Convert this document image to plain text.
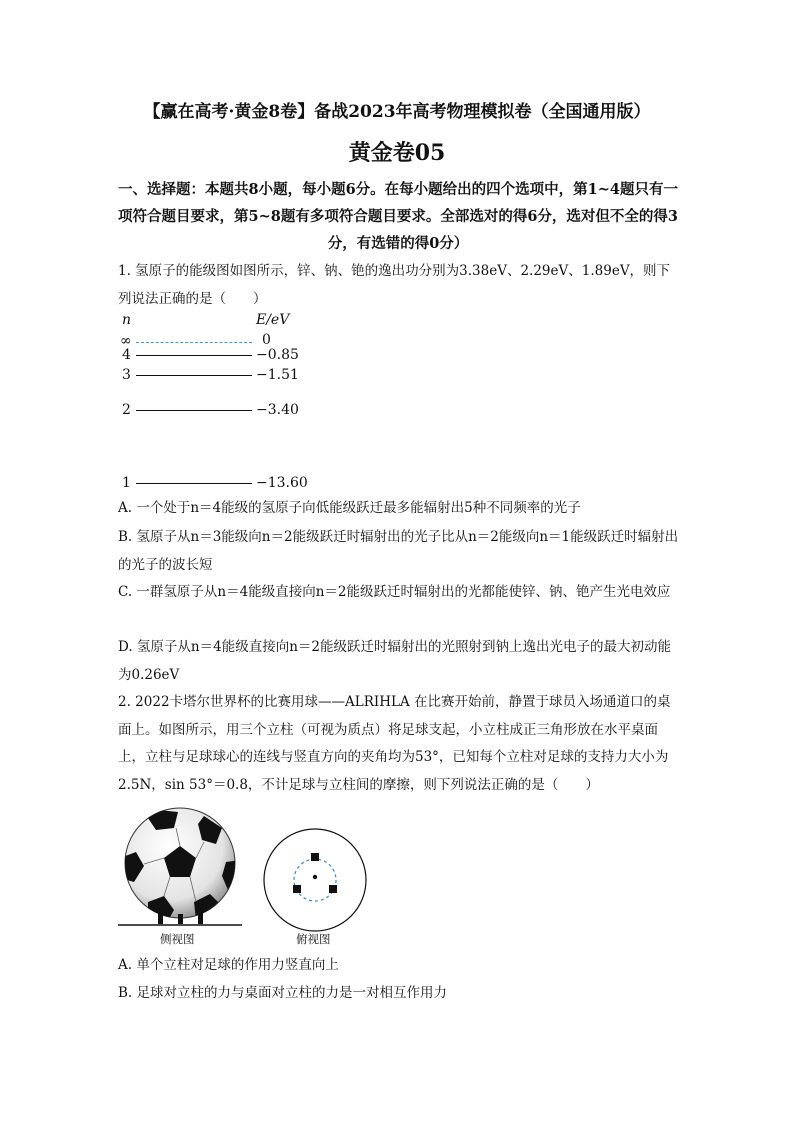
【赢在高考·黄金8卷】备战2023年高考物理模拟卷（全国通用版）
黄金卷05
一、选择题：本题共8小题，每小题6分。在每小题给出的四个选项中，第1~4题只有一项符合题目要求，第5~8题有多项符合题目要求。全部选对的得6分，选对但不全的得3分，有选错的得0分）
1. 氢原子的能级图如图所示，锌、钠、铯的逸出功分别为3.38eV、2.29eV、1.89eV，则下列说法正确的是（　　）
n	E/eV
∞	0
4	−0.85
3	−1.51
2	−3.40
1	−13.60
A. 一个处于n＝4能级的氢原子向低能级跃迁最多能辐射出5种不同频率的光子
B. 氢原子从n＝3能级向n＝2能级跃迁时辐射出的光子比从n＝2能级向n＝1能级跃迁时辐射出的光子的波长短
C. 一群氢原子从n＝4能级直接向n＝2能级跃迁时辐射出的光都能使锌、钠、铯产生光电效应
D. 氢原子从n＝4能级直接向n＝2能级跃迁时辐射出的光照射到钠上逸出光电子的最大初动能为0.26eV
2. 2022卡塔尔世界杯的比赛用球——ALRIHLA 在比赛开始前，静置于球员入场通道口的桌面上。如图所示，用三个立柱（可视为质点）将足球支起，小立柱成正三角形放在水平桌面上，立柱与足球球心的连线与竖直方向的夹角均为53°，已知每个立柱对足球的支持力大小为2.5N，sin 53°＝0.8，不计足球与立柱间的摩擦，则下列说法正确的是（　　）
侧视图	俯视图
A. 单个立柱对足球的作用力竖直向上
B. 足球对立柱的力与桌面对立柱的力是一对相互作用力
